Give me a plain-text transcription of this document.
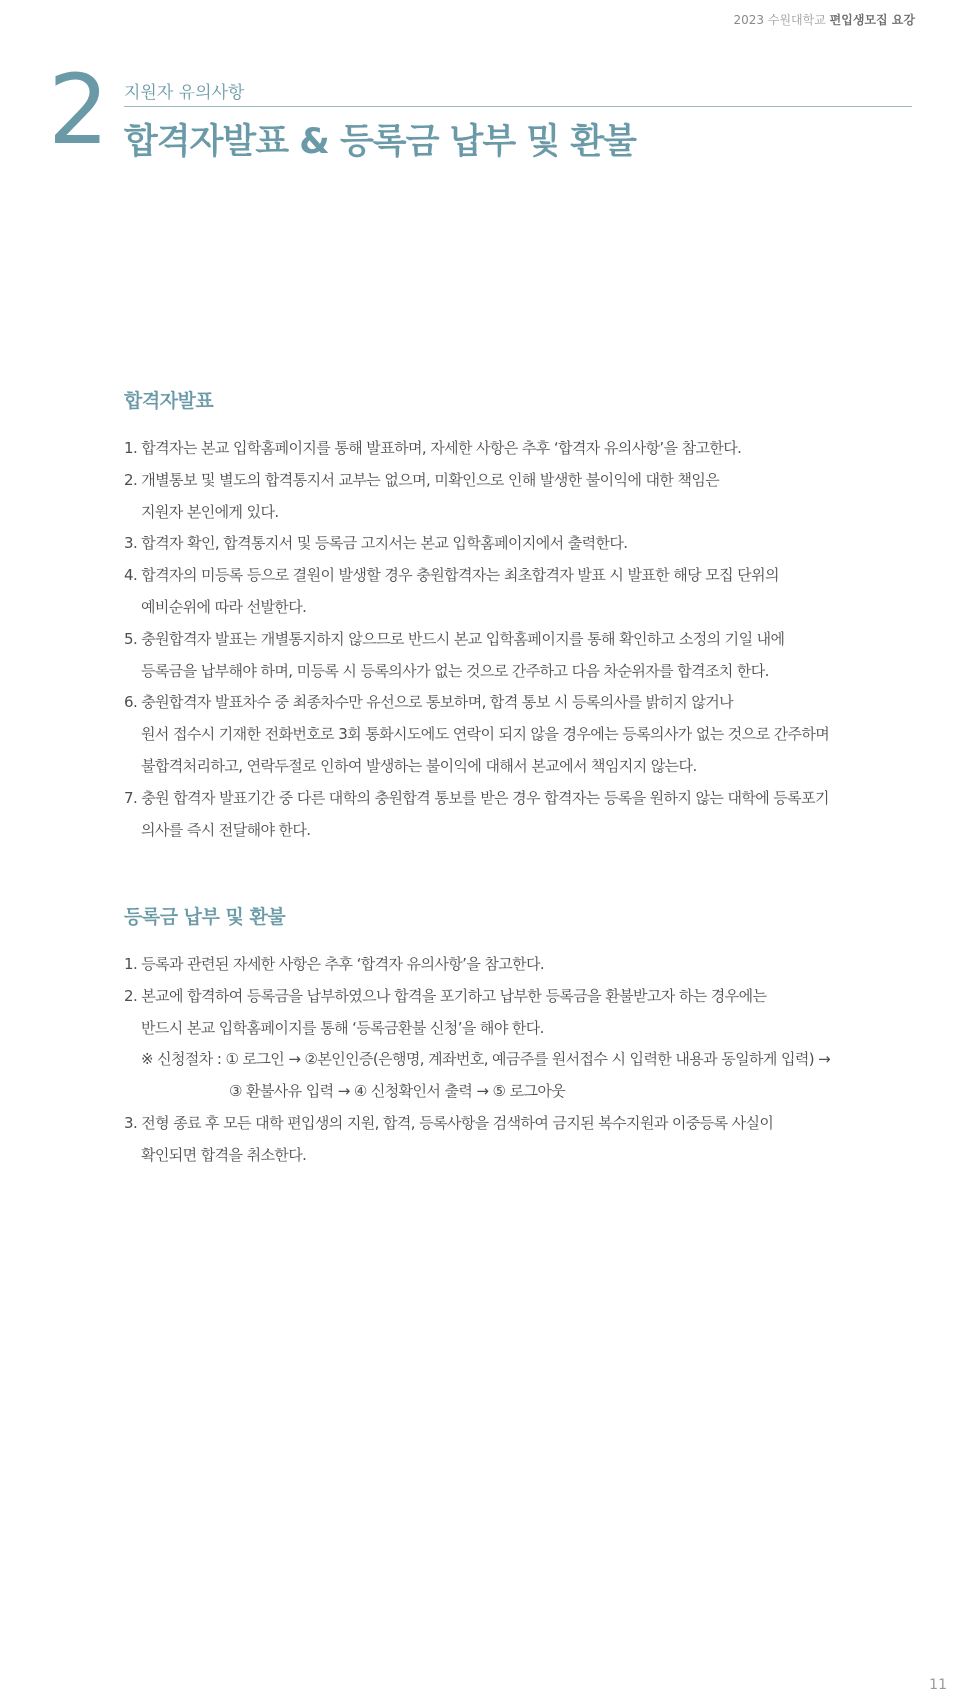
2023 수원대학교 편입생모집 요강
2 지원자 유의사항
합격자발표 & 등록금 납부 및 환불
합격자발표
1. 합격자는 본교 입학홈페이지를 통해 발표하며, 자세한 사항은 추후 ‘합격자 유의사항’을 참고한다.
2. 개별통보 및 별도의 합격통지서 교부는 없으며, 미확인으로 인해 발생한 불이익에 대한 책임은
지원자 본인에게 있다.
3. 합격자 확인, 합격통지서 및 등록금 고지서는 본교 입학홈페이지에서 출력한다.
4. 합격자의 미등록 등으로 결원이 발생할 경우 충원합격자는 최초합격자 발표 시 발표한 해당 모집 단위의
예비순위에 따라 선발한다.
5. 충원합격자 발표는 개별통지하지 않으므로 반드시 본교 입학홈페이지를 통해 확인하고 소정의 기일 내에
등록금을 납부해야 하며, 미등록 시 등록의사가 없는 것으로 간주하고 다음 차순위자를 합격조치 한다.
6. 충원합격자 발표차수 중 최종차수만 유선으로 통보하며, 합격 통보 시 등록의사를 밝히지 않거나
원서 접수시 기재한 전화번호로 3회 통화시도에도 연락이 되지 않을 경우에는 등록의사가 없는 것으로 간주하며
불합격처리하고, 연락두절로 인하여 발생하는 불이익에 대해서 본교에서 책임지지 않는다.
7. 충원 합격자 발표기간 중 다른 대학의 충원합격 통보를 받은 경우 합격자는 등록을 원하지 않는 대학에 등록포기
의사를 즉시 전달해야 한다.
등록금 납부 및 환불
1. 등록과 관련된 자세한 사항은 추후 ‘합격자 유의사항’을 참고한다.
2. 본교에 합격하여 등록금을 납부하였으나 합격을 포기하고 납부한 등록금을 환불받고자 하는 경우에는
반드시 본교 입학홈페이지를 통해 ‘등록금환불 신청’을 해야 한다.
※ 신청절차 : ① 로그인 → ②본인인증(은행명, 계좌번호, 예금주를 원서접수 시 입력한 내용과 동일하게 입력) →
③ 환불사유 입력 → ④ 신청확인서 출력 → ⑤ 로그아웃
3. 전형 종료 후 모든 대학 편입생의 지원, 합격, 등록사항을 검색하여 금지된 복수지원과 이중등록 사실이
확인되면 합격을 취소한다.
11
